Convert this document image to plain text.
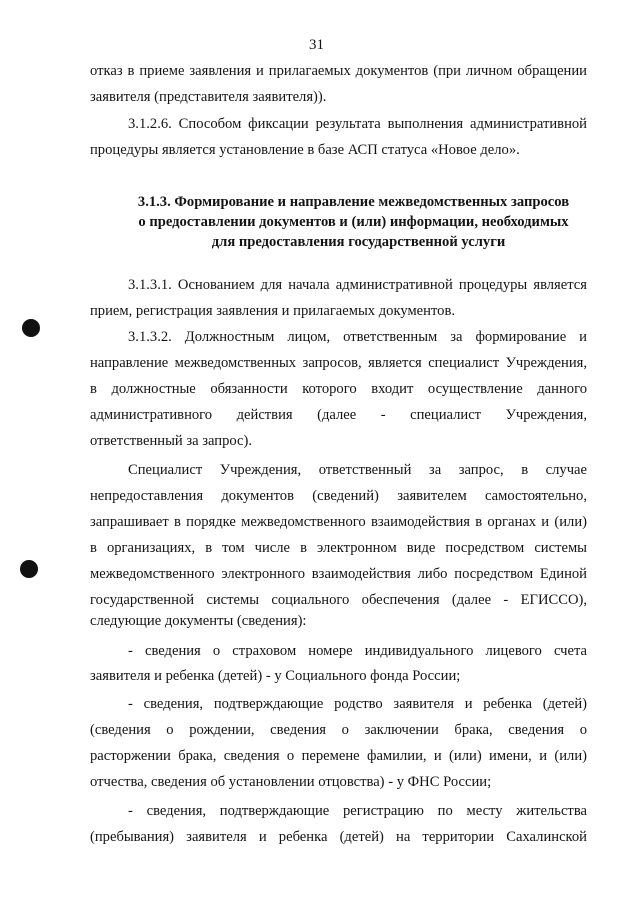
31
отказ в приеме заявления и прилагаемых документов (при личном обращении
заявителя (представителя заявителя)).
3.1.2.6. Способом фиксации результата выполнения административной
процедуры является установление в базе АСП статуса «Новое дело».
3.1.3. Формирование и направление межведомственных запросов
о предоставлении документов и (или) информации, необходимых
для предоставления государственной услуги
3.1.3.1. Основанием для начала административной процедуры является
прием, регистрация заявления и прилагаемых документов.
3.1.3.2. Должностным лицом, ответственным за формирование и
направление межведомственных запросов, является специалист Учреждения,
в должностные обязанности которого входит осуществление данного
административного действия (далее - специалист Учреждения,
ответственный за запрос).
Специалист Учреждения, ответственный за запрос, в случае
непредоставления документов (сведений) заявителем самостоятельно,
запрашивает в порядке межведомственного взаимодействия в органах и (или)
в организациях, в том числе в электронном виде посредством системы
межведомственного электронного взаимодействия либо посредством Единой
государственной системы социального обеспечения (далее - ЕГИССО),
следующие документы (сведения):
- сведения о страховом номере индивидуального лицевого счета
заявителя и ребенка (детей) - у Социального фонда России;
- сведения, подтверждающие родство заявителя и ребенка (детей)
(сведения о рождении, сведения о заключении брака, сведения о
расторжении брака, сведения о перемене фамилии, и (или) имени, и (или)
отчества, сведения об установлении отцовства) - у ФНС России;
- сведения, подтверждающие регистрацию по месту жительства
(пребывания) заявителя и ребенка (детей) на территории Сахалинской
